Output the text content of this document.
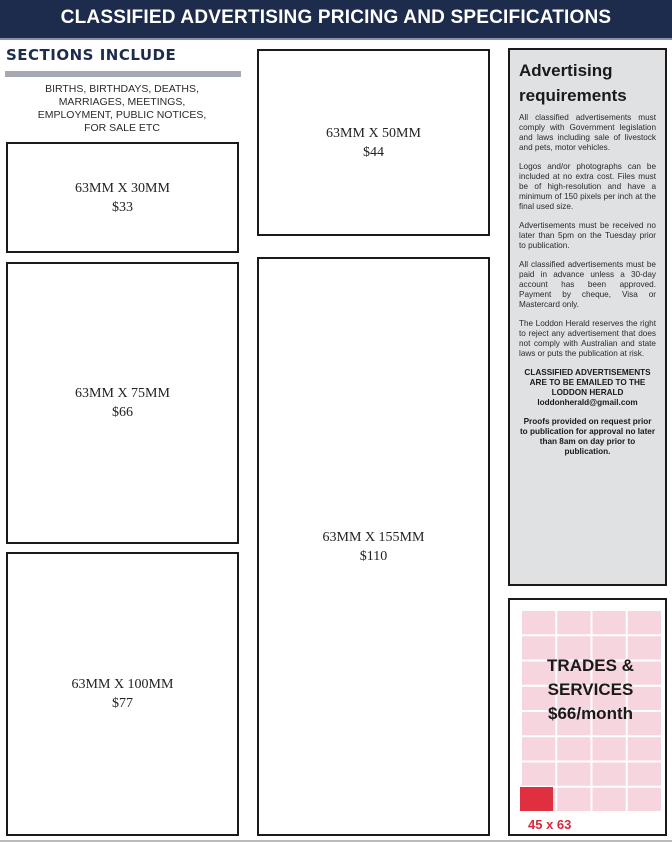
CLASSIFIED ADVERTISING PRICING AND SPECIFICATIONS
SECTIONS INCLUDE
BIRTHS, BIRTHDAYS, DEATHS,
MARRIAGES, MEETINGS,
EMPLOYMENT, PUBLIC NOTICES,
FOR SALE ETC
63MM X 30MM
$33
63MM X 75MM
$66
63MM X 100MM
$77
63MM X 50MM
$44
63MM X 155MM
$110
Advertising
requirements

All classified advertisements must comply with Government legislation and laws including sale of livestock and pets, motor vehicles.

Logos and/or photographs can be included at no extra cost. Files must be of high-resolution and have a minimum of 150 pixels per inch at the final used size.

Advertisements must be received no later than 5pm on the Tuesday prior to publication.

All classified advertisements must be paid in advance unless a 30-day account has been approved. Payment by cheque, Visa or Mastercard only.

The Loddon Herald reserves the right to reject any advertisement that does not comply with Australian and state laws or puts the publication at risk.

CLASSIFIED ADVERTISEMENTS ARE TO BE EMAILED TO THE LODDON HERALD
loddonherald@gmail.com
Proofs provided on request prior to publication for approval no later than 8am on day prior to publication.
TRADES &
SERVICES
$66/month
45 x 63
